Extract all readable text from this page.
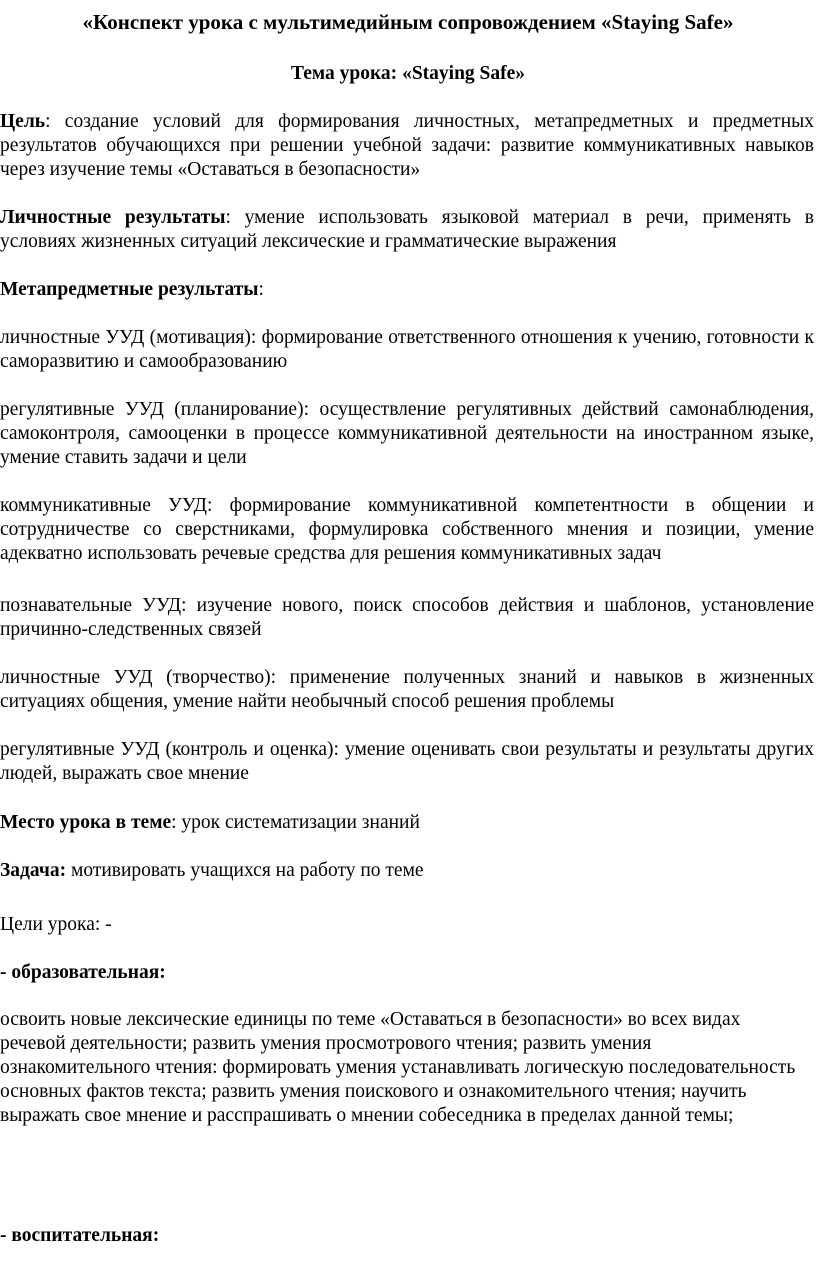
«Конспект урока с мультимедийным сопровождением «Staying Safe»

Тема урока: «Staying Safe»

Цель: создание условий для формирования личностных, метапредметных и предметных результатов обучающихся при решении учебной задачи: развитие коммуникативных навыков через изучение темы «Оставаться в безопасности»

Личностные результаты: умение использовать языковой материал в речи, применять в условиях жизненных ситуаций лексические и грамматические выражения

Метапредметные результаты:

личностные УУД (мотивация): формирование ответственного отношения к учению, готовности к саморазвитию и самообразованию

регулятивные УУД (планирование): осуществление регулятивных действий самонаблюдения, самоконтроля, самооценки в процессе коммуникативной деятельности на иностранном языке, умение ставить задачи и цели

коммуникативные УУД: формирование коммуникативной компетентности в общении и сотрудничестве со сверстниками, формулировка собственного мнения и позиции, умение адекватно использовать речевые средства для решения коммуникативных задач

познавательные УУД: изучение нового, поиск способов действия и шаблонов, установление причинно-следственных связей

личностные УУД (творчество): применение полученных знаний и навыков в жизненных ситуациях общения, умение найти необычный способ решения проблемы

регулятивные УУД (контроль и оценка): умение оценивать свои результаты и результаты других людей, выражать свое мнение

Место урока в теме: урок систематизации знаний

Задача: мотивировать учащихся на работу по теме

Цели урока: -

- образовательная:

освоить новые лексические единицы по теме «Оставаться в безопасности» во всех видах речевой деятельности; развить умения просмотрового чтения; развить умения ознакомительного чтения: формировать умения устанавливать логическую последовательность основных фактов текста; развить умения поискового и ознакомительного чтения; научить выражать свое мнение и расспрашивать о мнении собеседника в пределах данной темы;

- воспитательная:
